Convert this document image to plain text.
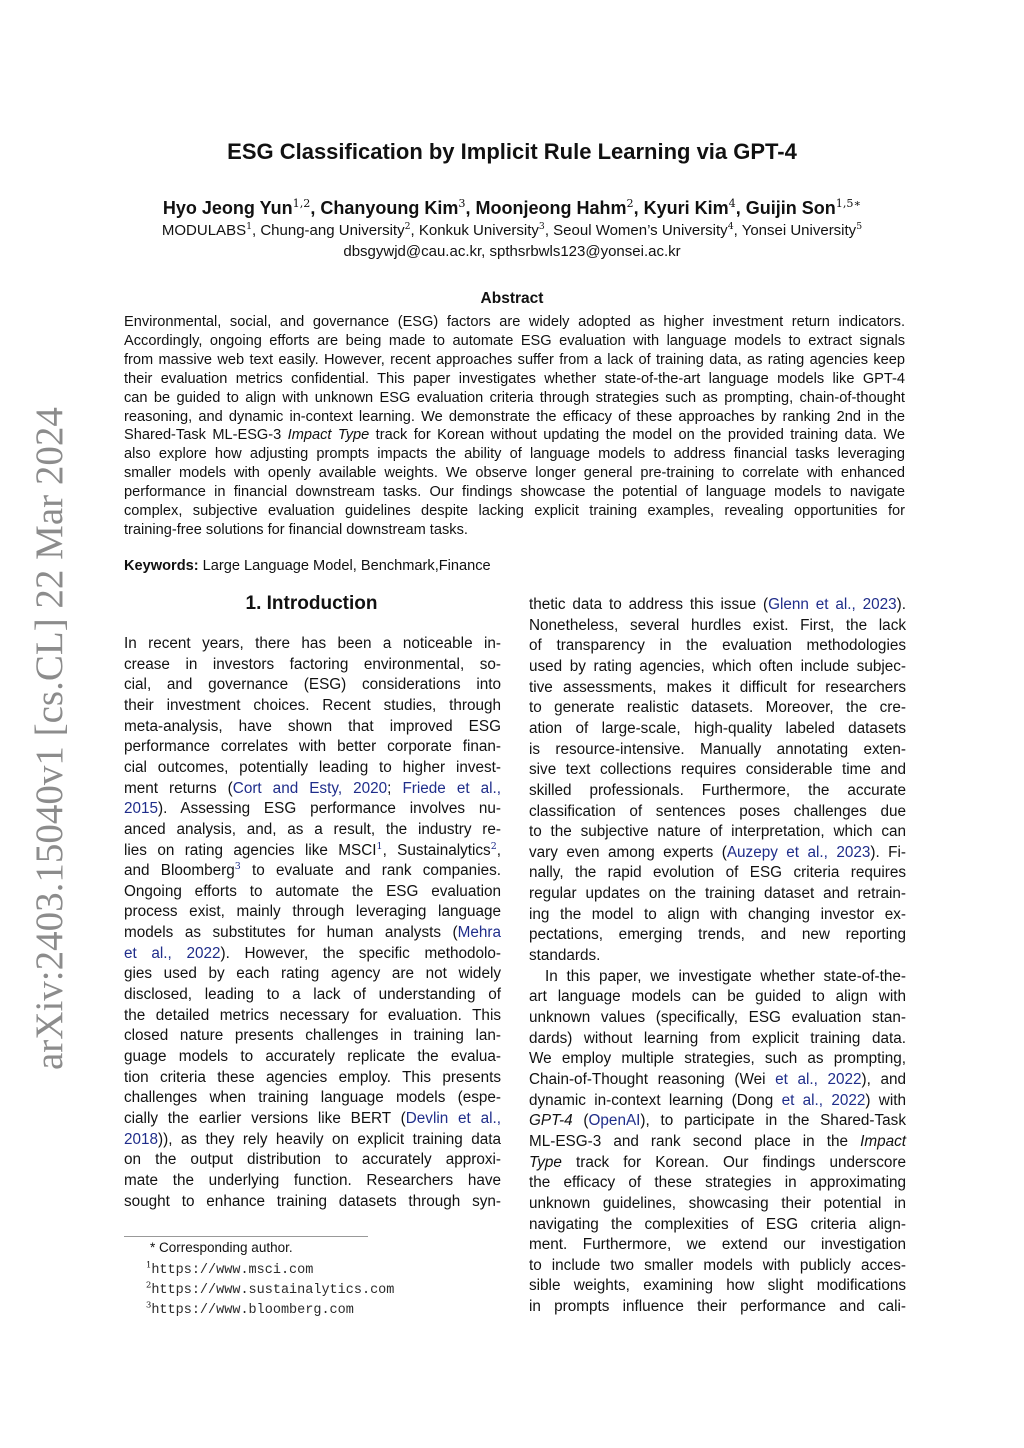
arXiv:2403.15040v1 [cs.CL] 22 Mar 2024
ESG Classification by Implicit Rule Learning via GPT-4
Hyo Jeong Yun$^{1,2}$, Chanyoung Kim$^3$, Moonjeong Hahm$^2$, Kyuri Kim$^4$, Guijin Son$^{1,5∗}$
MODULABS$^1$, Chung-ang University$^2$, Konkuk University$^3$, Seoul Women’s University$^4$, Yonsei University$^5$
dbsgywjd@cau.ac.kr, spthsrbwls123@yonsei.ac.kr
Abstract
Environmental, social, and governance (ESG) factors are widely adopted as higher investment return indicators.
Accordingly, ongoing efforts are being made to automate ESG evaluation with language models to extract signals
from massive web text easily. However, recent approaches suffer from a lack of training data, as rating agencies keep
their evaluation metrics confidential. This paper investigates whether state-of-the-art language models like GPT-4
can be guided to align with unknown ESG evaluation criteria through strategies such as prompting, chain-of-thought
reasoning, and dynamic in-context learning. We demonstrate the efficacy of these approaches by ranking 2nd in the
Shared-Task ML-ESG-3 Impact Type track for Korean without updating the model on the provided training data. We
also explore how adjusting prompts impacts the ability of language models to address financial tasks leveraging
smaller models with openly available weights. We observe longer general pre-training to correlate with enhanced
performance in financial downstream tasks. Our findings showcase the potential of language models to navigate
complex, subjective evaluation guidelines despite lacking explicit training examples, revealing opportunities for
training-free solutions for financial downstream tasks.
Keywords: Large Language Model, Benchmark,Finance
1. Introduction
In recent years, there has been a noticeable in-
crease in investors factoring environmental, so-
cial, and governance (ESG) considerations into
their investment choices. Recent studies, through
meta-analysis, have shown that improved ESG
performance correlates with better corporate finan-
cial outcomes, potentially leading to higher invest-
ment returns (Cort and Esty, 2020; Friede et al.,
2015). Assessing ESG performance involves nu-
anced analysis, and, as a result, the industry re-
lies on rating agencies like MSCI$^1$, Sustainalytics$^2$,
and Bloomberg$^3$ to evaluate and rank companies.
Ongoing efforts to automate the ESG evaluation
process exist, mainly through leveraging language
models as substitutes for human analysts (Mehra
et al., 2022). However, the specific methodolo-
gies used by each rating agency are not widely
disclosed, leading to a lack of understanding of
the detailed metrics necessary for evaluation. This
closed nature presents challenges in training lan-
guage models to accurately replicate the evalua-
tion criteria these agencies employ. This presents
challenges when training language models (espe-
cially the earlier versions like BERT (Devlin et al.,
2018)), as they rely heavily on explicit training data
on the output distribution to accurately approxi-
mate the underlying function. Researchers have
sought to enhance training datasets through syn-
thetic data to address this issue (Glenn et al., 2023).
Nonetheless, several hurdles exist. First, the lack
of transparency in the evaluation methodologies
used by rating agencies, which often include subjec-
tive assessments, makes it difficult for researchers
to generate realistic datasets. Moreover, the cre-
ation of large-scale, high-quality labeled datasets
is resource-intensive. Manually annotating exten-
sive text collections requires considerable time and
skilled professionals. Furthermore, the accurate
classification of sentences poses challenges due
to the subjective nature of interpretation, which can
vary even among experts (Auzepy et al., 2023). Fi-
nally, the rapid evolution of ESG criteria requires
regular updates on the training dataset and retrain-
ing the model to align with changing investor ex-
pectations, emerging trends, and new reporting
standards.
In this paper, we investigate whether state-of-the-
art language models can be guided to align with
unknown values (specifically, ESG evaluation stan-
dards) without learning from explicit training data.
We employ multiple strategies, such as prompting,
Chain-of-Thought reasoning (Wei et al., 2022), and
dynamic in-context learning (Dong et al., 2022) with
GPT-4 (OpenAI), to participate in the Shared-Task
ML-ESG-3 and rank second place in the Impact
Type track for Korean. Our findings underscore
the efficacy of these strategies in approximating
unknown guidelines, showcasing their potential in
navigating the complexities of ESG criteria align-
ment. Furthermore, we extend our investigation
to include two smaller models with publicly acces-
sible weights, examining how slight modifications
in prompts influence their performance and cali-
* Corresponding author.
$^1$https://www.msci.com
$^2$https://www.sustainalytics.com
$^3$https://www.bloomberg.com
